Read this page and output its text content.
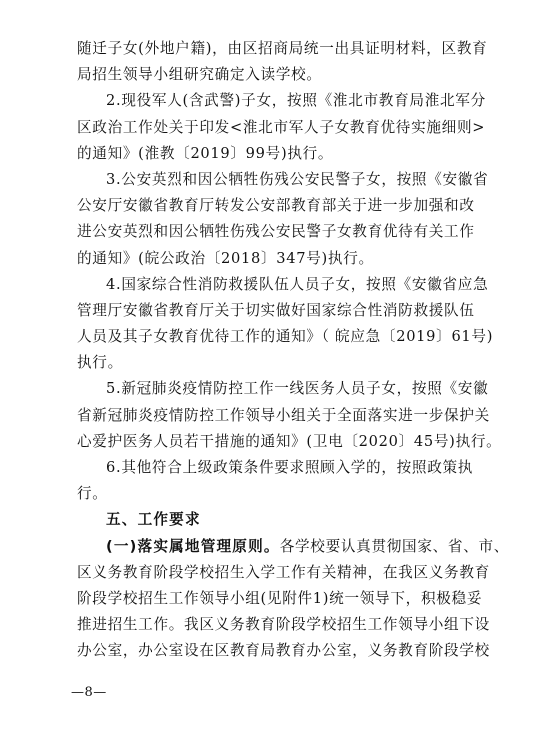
随迁子女(外地户籍)，由区招商局统一出具证明材料，区教育
局招生领导小组研究确定入读学校。
2.现役军人(含武警)子女，按照《淮北市教育局淮北军分
区政治工作处关于印发<淮北市军人子女教育优待实施细则>
的通知》(淮教〔2019〕99号)执行。
3.公安英烈和因公牺牲伤残公安民警子女，按照《安徽省
公安厅安徽省教育厅转发公安部教育部关于进一步加强和改
进公安英烈和因公牺牲伤残公安民警子女教育优待有关工作
的通知》(皖公政治〔2018〕347号)执行。
4.国家综合性消防救援队伍人员子女，按照《安徽省应急
管理厅安徽省教育厅关于切实做好国家综合性消防救援队伍
人员及其子女教育优待工作的通知》（ 皖应急〔2019〕61号)
执行。
5.新冠肺炎疫情防控工作一线医务人员子女，按照《安徽
省新冠肺炎疫情防控工作领导小组关于全面落实进一步保护关
心爱护医务人员若干措施的通知》(卫电〔2020〕45号)执行。
6.其他符合上级政策条件要求照顾入学的，按照政策执
行。
五、工作要求
(一)落实属地管理原则。各学校要认真贯彻国家、省、市、
区义务教育阶段学校招生入学工作有关精神，在我区义务教育
阶段学校招生工作领导小组(见附件1)统一领导下，积极稳妥
推进招生工作。我区义务教育阶段学校招生工作领导小组下设
办公室，办公室设在区教育局教育办公室，义务教育阶段学校
—8—
